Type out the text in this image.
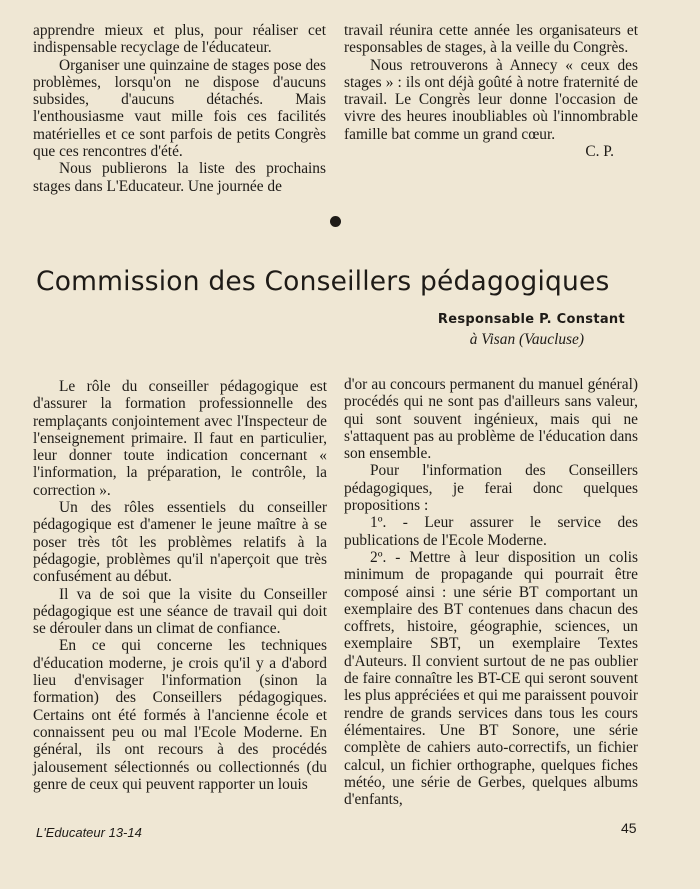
apprendre mieux et plus, pour réaliser cet indispensable recyclage de l'éducateur.

Organiser une quinzaine de stages pose des problèmes, lorsqu'on ne dispose d'aucuns subsides, d'aucuns détachés. Mais l'enthousiasme vaut mille fois ces facilités matérielles et ce sont parfois de petits Congrès que ces rencontres d'été.

Nous publierons la liste des prochains stages dans L'Educateur. Une journée de

travail réunira cette année les organisateurs et responsables de stages, à la veille du Congrès.

Nous retrouverons à Annecy « ceux des stages » : ils ont déjà goûté à notre fraternité de travail. Le Congrès leur donne l'occasion de vivre des heures inoubliables où l'innombrable famille bat comme un grand cœur.

C. P.

Commission des Conseillers pédagogiques
Responsable P. Constant
à Visan (Vaucluse)

Le rôle du conseiller pédagogique est d'assurer la formation professionnelle des remplaçants conjointement avec l'Inspecteur de l'enseignement primaire. Il faut en particulier, leur donner toute indication concernant « l'information, la préparation, le contrôle, la correction ».

Un des rôles essentiels du conseiller pédagogique est d'amener le jeune maître à se poser très tôt les problèmes relatifs à la pédagogie, problèmes qu'il n'aperçoit que très confusément au début.

Il va de soi que la visite du Conseiller pédagogique est une séance de travail qui doit se dérouler dans un climat de confiance.

En ce qui concerne les techniques d'éducation moderne, je crois qu'il y a d'abord lieu d'envisager l'information (sinon la formation) des Conseillers pédagogiques. Certains ont été formés à l'ancienne école et connaissent peu ou mal l'Ecole Moderne. En général, ils ont recours à des procédés jalousement sélectionnés ou collectionnés (du genre de ceux qui peuvent rapporter un louis

d'or au concours permanent du manuel général) procédés qui ne sont pas d'ailleurs sans valeur, qui sont souvent ingénieux, mais qui ne s'attaquent pas au problème de l'éducation dans son ensemble.

Pour l'information des Conseillers pédagogiques, je ferai donc quelques propositions :

1º. - Leur assurer le service des publications de l'Ecole Moderne.

2º. - Mettre à leur disposition un colis minimum de propagande qui pourrait être composé ainsi : une série BT comportant un exemplaire des BT contenues dans chacun des coffrets, histoire, géographie, sciences, un exemplaire SBT, un exemplaire Textes d'Auteurs. Il convient surtout de ne pas oublier de faire connaître les BT-CE qui seront souvent les plus appréciées et qui me paraissent pouvoir rendre de grands services dans tous les cours élémentaires. Une BT Sonore, une série complète de cahiers auto-correctifs, un fichier calcul, un fichier orthographe, quelques fiches météo, une série de Gerbes, quelques albums d'enfants,

L'Educateur 13-14	45
